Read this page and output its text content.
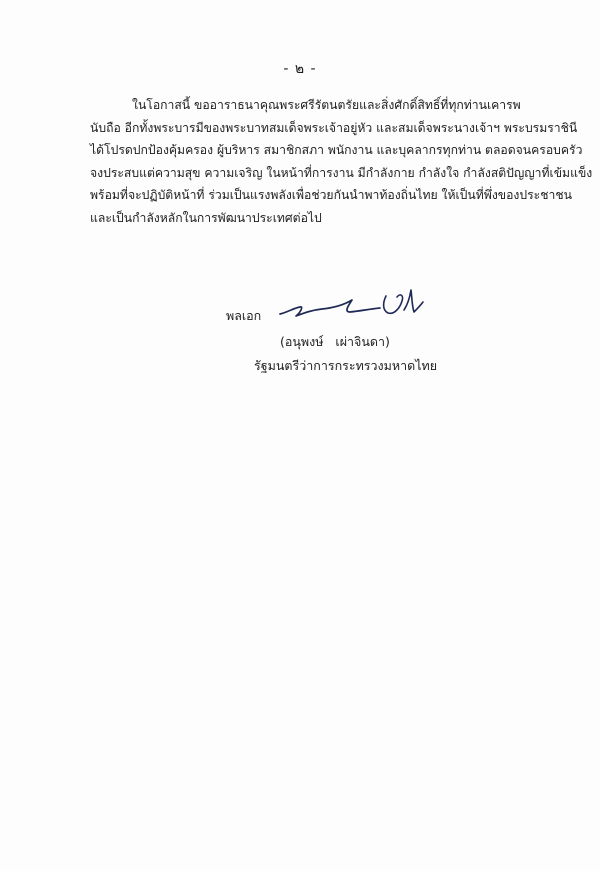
- ๒ -
ในโอกาสนี้ ขออาราธนาคุณพระศรีรัตนตรัยและสิ่งศักดิ์สิทธิ์ที่ทุกท่านเคารพ
นับถือ อีกทั้งพระบารมีของพระบาทสมเด็จพระเจ้าอยู่หัว และสมเด็จพระนางเจ้าฯ พระบรมราชินี
ได้โปรดปกป้องคุ้มครอง ผู้บริหาร สมาชิกสภา พนักงาน และบุคลากรทุกท่าน ตลอดจนครอบครัว
จงประสบแต่ความสุข ความเจริญ ในหน้าที่การงาน มีกำลังกาย กำลังใจ กำลังสติปัญญาที่เข้มแข็ง
พร้อมที่จะปฏิบัติหน้าที่ ร่วมเป็นแรงพลังเพื่อช่วยกันนำพาท้องถิ่นไทย ให้เป็นที่พึ่งของประชาชน
และเป็นกำลังหลักในการพัฒนาประเทศต่อไป
พลเอก
(อนุพงษ์   เผ่าจินดา)
รัฐมนตรีว่าการกระทรวงมหาดไทย
